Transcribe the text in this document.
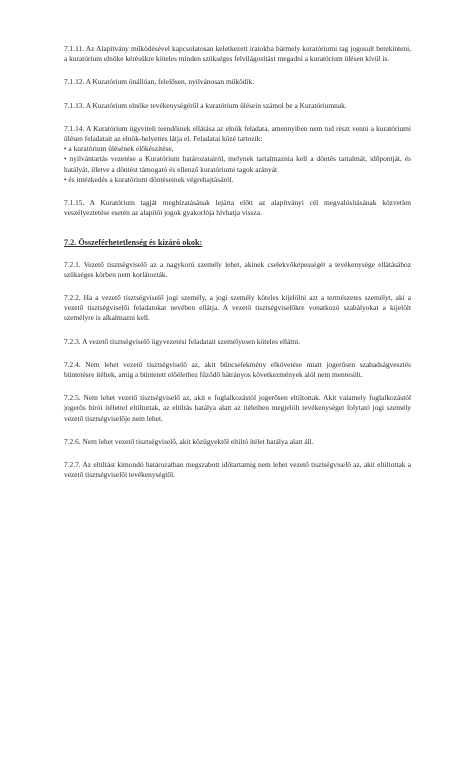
7.1.11. Az Alapítvány működésével kapcsolatosan keletkezett iratokba bármely kuratóriumi tag jogosult betekinteni, a kuratórium elnöke kérésükre köteles minden szükséges felvilágosítást megadni a kuratórium ülésen kívül is.

7.1.12. A Kuratórium önállóan, felelősen, nyilvánosan működik.

7.1.13. A Kuratórium elnöke tevékenységéről a kuratórium ülésein számol be a Kuratóriumnak.

7.1.14. A Kuratórium ügyviteli teendőinek ellátása az elnök feladata, amennyiben nem tud részt venni a kuratóriumi ülésen feladatait az elnök-helyettes látja el. Feladatai közé tartozik:

• a kuratórium ülésének előkészítése,

• nyilvántartás vezetése a Kuratórium határozatairól, melynek tartalmaznia kell a döntés tartalmát, időpontját, és hatályát, illetve a döntést támogató és ellenző kuratóriumi tagok arányát

• és intézkedés a kuratórium döntéseinek végrehajtásáról.

7.1.15. A Kuratórium tagját megbízatásának lejárta előtt az alapítványi cél megvalósításának közvetlen veszélyeztetése esetén az alapítói jogok gyakorlója hívhatja vissza.

7.2. Összeférhetetlenség és kizáró okok:

7.2.1. Vezető tisztségviselő az a nagykorú személy lehet, akinek cselekvőképességét a tevékenysége ellátásához szükséges körben nem korlátozták.

7.2.2. Ha a vezető tisztségviselő jogi személy, a jogi személy köteles kijelölni azt a természetes személyt, aki a vezető tisztségviselői feladatokat nevében ellátja. A vezető tisztségviselőkre vonatkozó szabályokat a kijelölt személyre is alkalmazni kell.

7.2.3. A vezető tisztségviselő ügyvezetési feladatait személyesen köteles ellátni.

7.2.4. Nem lehet vezető tisztségviselő az, akit bűncselekmény elkövetése miatt jogerősen szabadságvesztés büntetésre ítéltek, amíg a büntetett előélethez fűződő hátrányos következmények alól nem mentesült.

7.2.5. Nem lehet vezető tisztségviselő az, akit e foglalkozástól jogerősen eltiltottak. Akit valamely foglalkozástól jogerős bírói ítélettel eltiltottak, az eltiltás hatálya alatt az ítéletben megjelölt tevékenységet folytató jogi személy vezető tisztségviselője nem lehet.

7.2.6. Nem lehet vezető tisztségviselő, akit közügyektől eltiltó ítélet hatálya alatt áll.

7.2.7. Az eltiltást kimondó határozatban megszabott időtartamig nem lehet vezető tisztségviselő az, akit eltiltottak a vezető tisztségviselői tevékenységtől.
